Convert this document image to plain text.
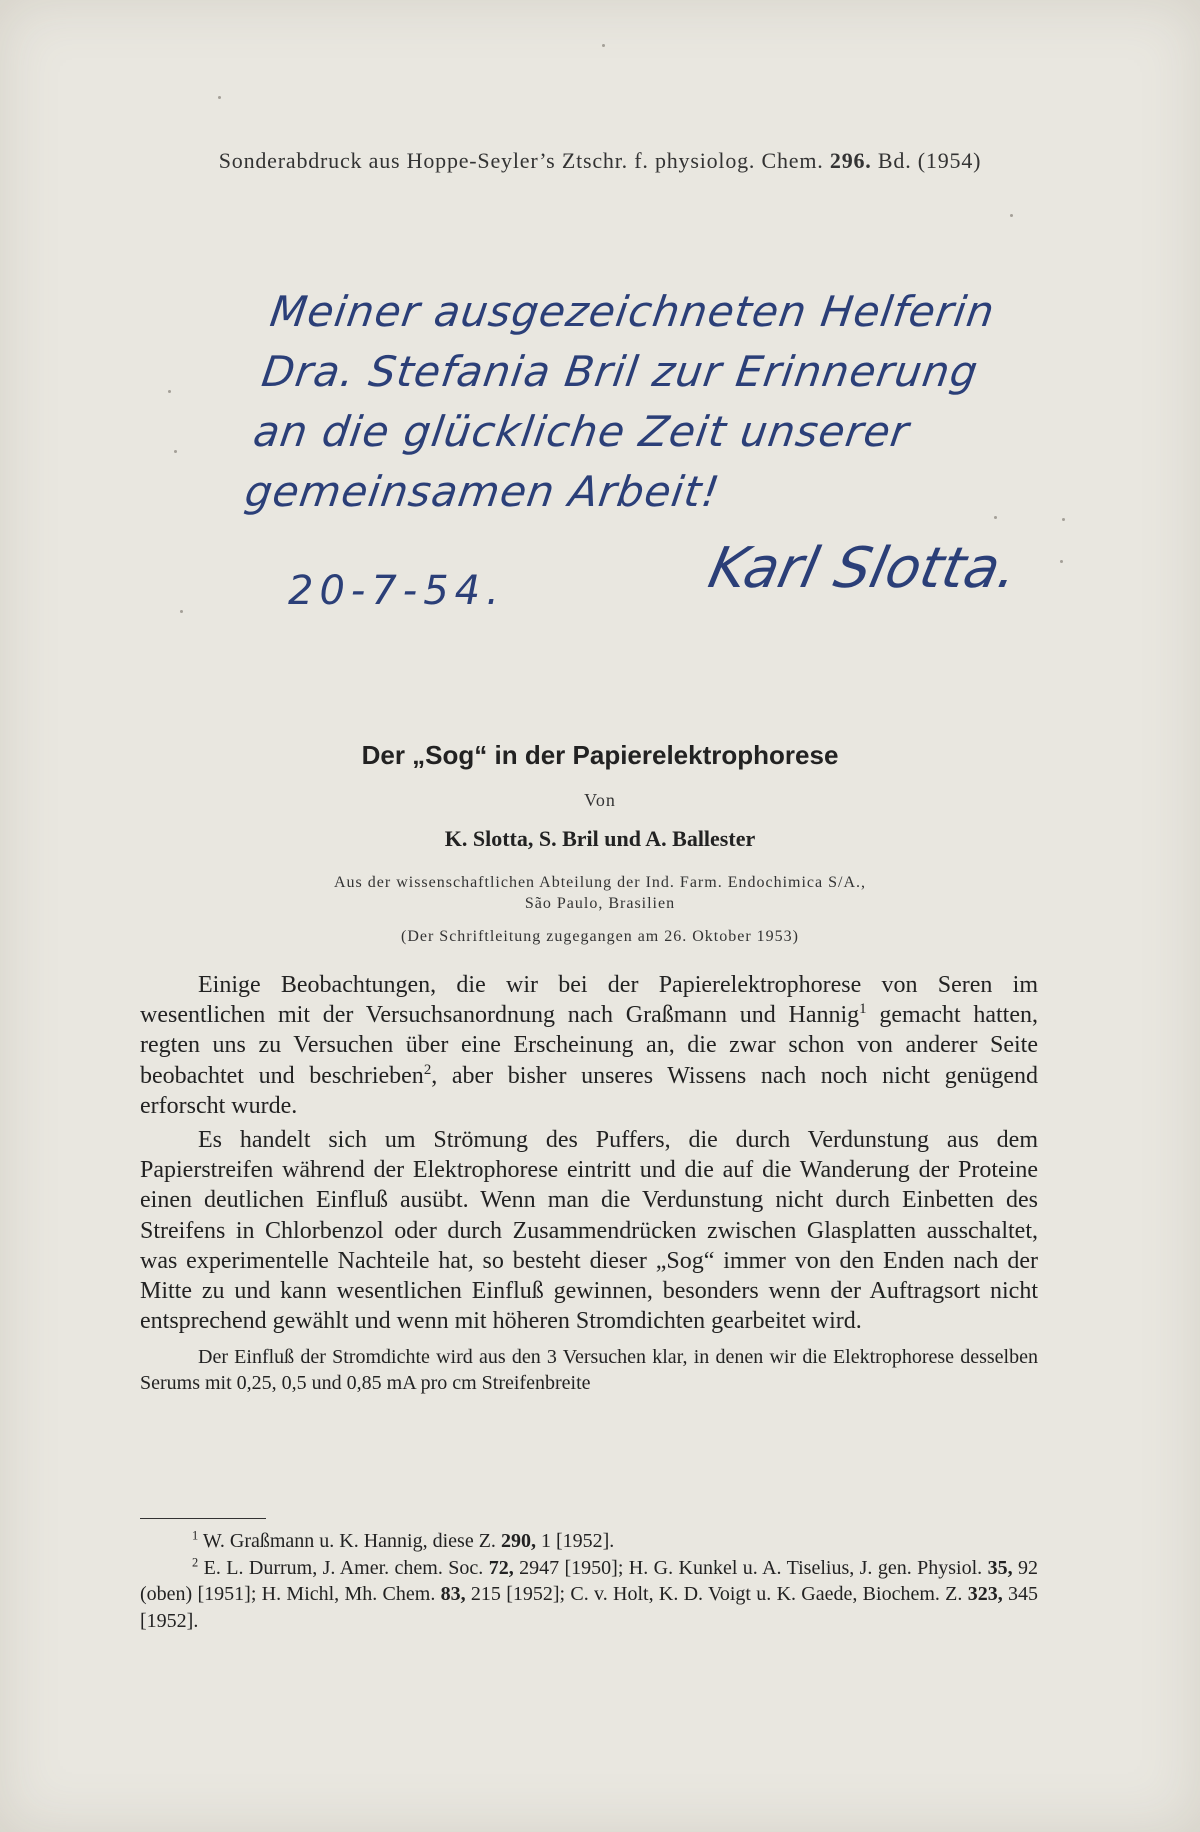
Sonderabdruck aus Hoppe-Seyler’s Ztschr. f. physiolog. Chem. 296. Bd. (1954)
Meiner ausgezeichneten Helferin
Dra. Stefania Bril zur Erinnerung
an die glückliche Zeit unserer
gemeinsamen Arbeit!
20-7-54.	Karl Slotta.
Der „Sog“ in der Papierelektrophorese
Von
K. Slotta, S. Bril und A. Ballester
Aus der wissenschaftlichen Abteilung der Ind. Farm. Endochimica S/A.,
São Paulo, Brasilien
(Der Schriftleitung zugegangen am 26. Oktober 1953)

Einige Beobachtungen, die wir bei der Papierelektrophorese von Seren im wesentlichen mit der Versuchsanordnung nach Graßmann und Hannig$^1$ gemacht hatten, regten uns zu Versuchen über eine Erscheinung an, die zwar schon von anderer Seite beobachtet und beschrieben$^2$, aber bisher unseres Wissens nach noch nicht genügend erforscht wurde.

Es handelt sich um Strömung des Puffers, die durch Verdunstung aus dem Papierstreifen während der Elektrophorese eintritt und die auf die Wanderung der Proteine einen deutlichen Einfluß ausübt. Wenn man die Verdunstung nicht durch Einbetten des Streifens in Chlorbenzol oder durch Zusammendrücken zwischen Glasplatten ausschaltet, was experimentelle Nachteile hat, so besteht dieser „Sog“ immer von den Enden nach der Mitte zu und kann wesentlichen Einfluß gewinnen, besonders wenn der Auftragsort nicht entsprechend gewählt und wenn mit höheren Stromdichten gearbeitet wird.

Der Einfluß der Stromdichte wird aus den 3 Versuchen klar, in denen wir die Elektrophorese desselben Serums mit 0,25, 0,5 und 0,85 mA pro cm Streifenbreite

$^1$ W. Graßmann u. K. Hannig, diese Z. 290, 1 [1952].

$^2$ E. L. Durrum, J. Amer. chem. Soc. 72, 2947 [1950]; H. G. Kunkel u. A. Tiselius, J. gen. Physiol. 35, 92 (oben) [1951]; H. Michl, Mh. Chem. 83, 215 [1952]; C. v. Holt, K. D. Voigt u. K. Gaede, Biochem. Z. 323, 345 [1952].
